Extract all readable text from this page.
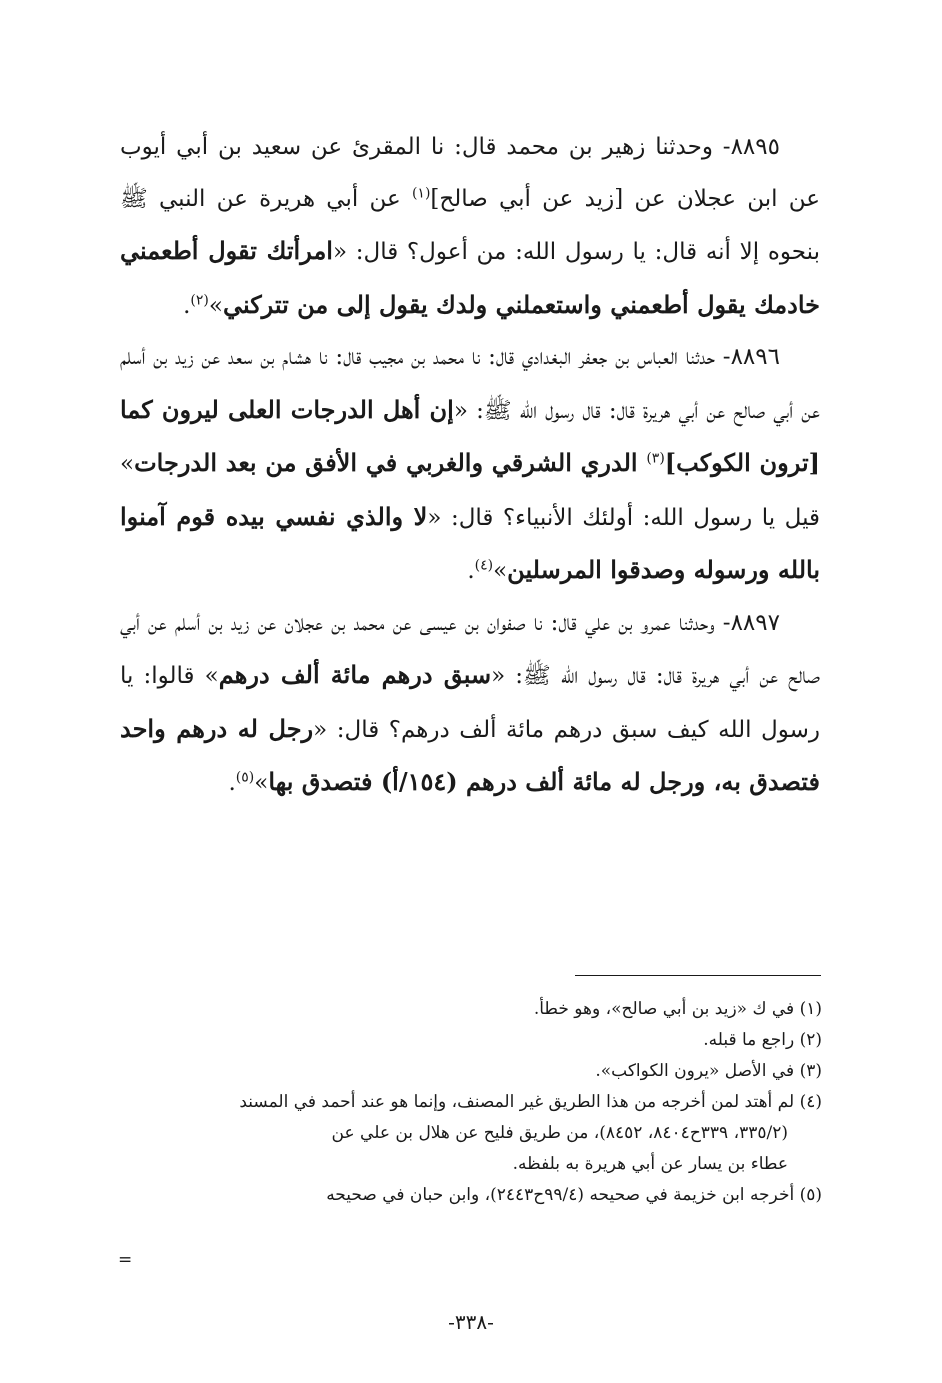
٨٨٩٥- وحدثنا زهير بن محمد قال: نا المقرئ عن سعيد بن أبي أيوب عن ابن عجلان عن [زيد عن أبي صالح]$^{(١)}$ عن أبي هريرة عن النبي ﷺ بنحوه إلا أنه قال: يا رسول الله: من أعول؟ قال: «امرأتك تقول أطعمني خادمك يقول أطعمني واستعملني ولدك يقول إلى من تتركني»$^{(٢)}$.

٨٨٩٦- حدثنا العباس بن جعفر البغدادي قال: نا محمد بن مجيب قال: نا هشام بن سعد عن زيد بن أسلم عن أبي صالح عن أبي هريرة قال: قال رسول الله ﷺ: «إن أهل الدرجات العلى ليرون كما [ترون الكوكب]$^{(٣)}$ الدري الشرقي والغربي في الأفق من بعد الدرجات» قيل يا رسول الله: أولئك الأنبياء؟ قال: «لا والذي نفسي بيده قوم آمنوا بالله ورسوله وصدقوا المرسلين»$^{(٤)}$.

٨٨٩٧- وحدثنا عمرو بن علي قال: نا صفوان بن عيسى عن محمد بن عجلان عن زيد بن أسلم عن أبي صالح عن أبي هريرة قال: قال رسول الله ﷺ: «سبق درهم مائة ألف درهم» قالوا: يا رسول الله كيف سبق درهم مائة ألف درهم؟ قال: «رجل له درهم واحد فتصدق به، ورجل له مائة ألف درهم (١٥٤/أ) فتصدق بها»$^{(٥)}$.

(١) في ك «زيد بن أبي صالح»، وهو خطأ.

(٢) راجع ما قبله.

(٣) في الأصل «يرون الكواكب».

(٤) لم أهتد لمن أخرجه من هذا الطريق غير المصنف، وإنما هو عند أحمد في المسند

(٣٣٥/٢، ٣٣٩ح٨٤٠٤، ٨٤٥٢)، من طريق فليح عن هلال بن علي عن

عطاء بن يسار عن أبي هريرة به بلفظه.

(٥) أخرجه ابن خزيمة في صحيحه (٩٩/٤ح٢٤٤٣)، وابن حبان في صحيحه

=
-٣٣٨-
